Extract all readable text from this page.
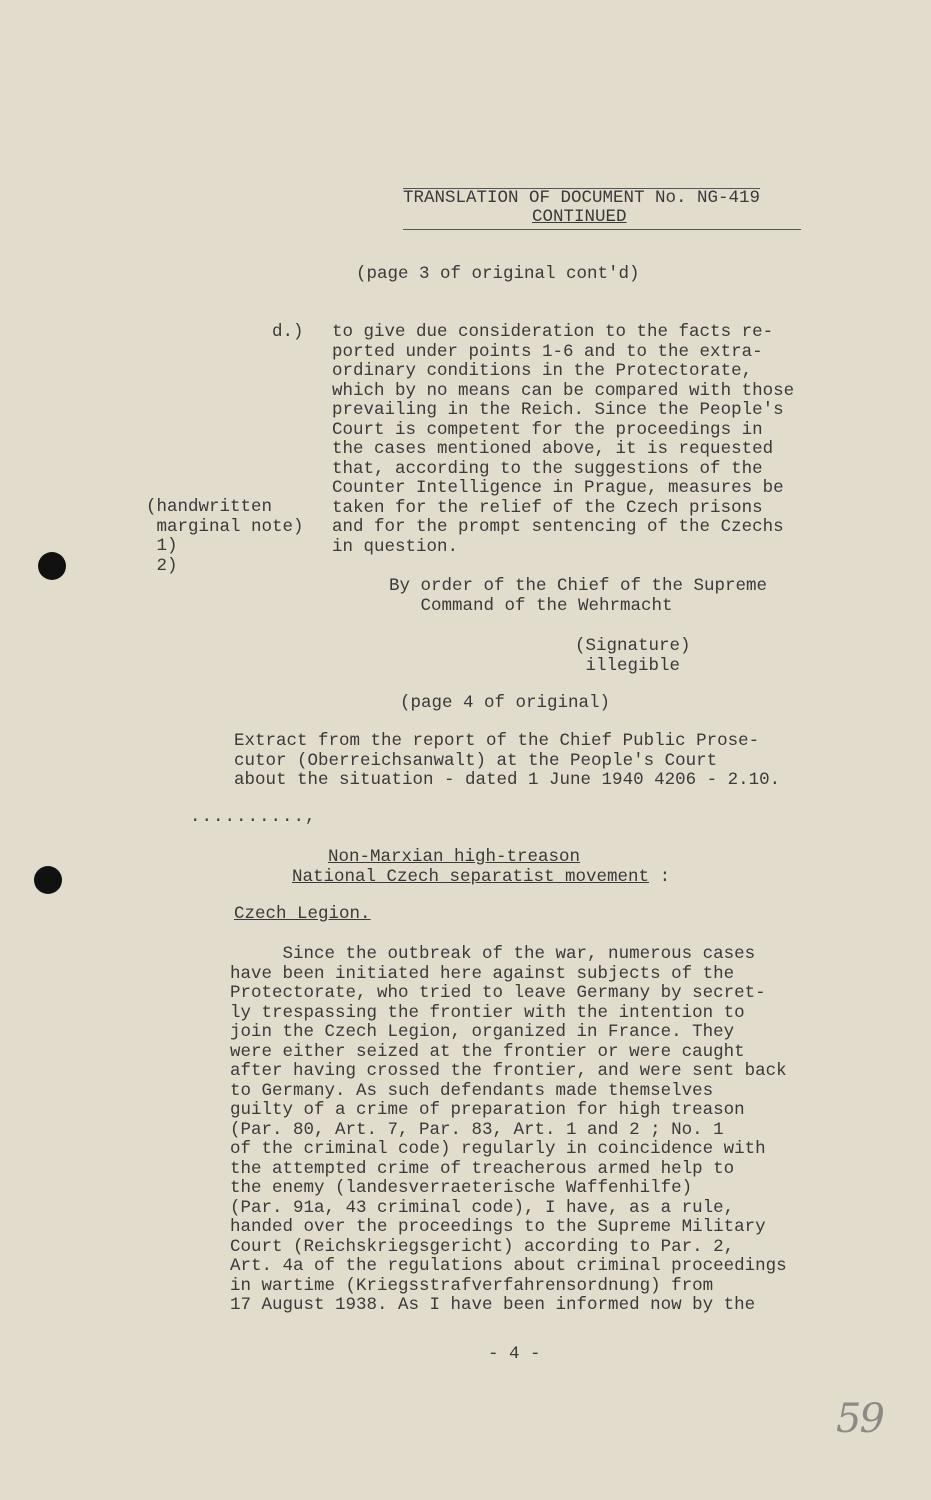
TRANSLATION OF DOCUMENT No. NG-419
CONTINUED
(page 3 of original cont'd)
d.) to give due consideration to the facts re-
ported under points 1-6 and to the extra-
ordinary conditions in the Protectorate,
which by no means can be compared with those
prevailing in the Reich. Since the People's
Court is competent for the proceedings in
the cases mentioned above, it is requested
that, according to the suggestions of the
Counter Intelligence in Prague, measures be
taken for the relief of the Czech prisons
and for the prompt sentencing of the Czechs
in question.
(handwritten
marginal note)
1)
2)
By order of the Chief of the Supreme
Command of the Wehrmacht
(Signature)
illegible
(page 4 of original)
Extract from the report of the Chief Public Prose-
cutor (Oberreichsanwalt) at the People's Court
about the situation - dated 1 June 1940 4206 - 2.10.
..........,
Non-Marxian high-treason
National Czech separatist movement :
Czech Legion.
Since the outbreak of the war, numerous cases
have been initiated here against subjects of the
Protectorate, who tried to leave Germany by secret-
ly trespassing the frontier with the intention to
join the Czech Legion, organized in France. They
were either seized at the frontier or were caught
after having crossed the frontier, and were sent back
to Germany. As such defendants made themselves
guilty of a crime of preparation for high treason
(Par. 80, Art. 7, Par. 83, Art. 1 and 2 ; No. 1
of the criminal code) regularly in coincidence with
the attempted crime of treacherous armed help to
the enemy (landesverraeterische Waffenhilfe)
(Par. 91a, 43 criminal code), I have, as a rule,
handed over the proceedings to the Supreme Military
Court (Reichskriegsgericht) according to Par. 2,
Art. 4a of the regulations about criminal proceedings
in wartime (Kriegsstrafverfahrensordnung) from
17 August 1938. As I have been informed now by the
- 4 -
59
